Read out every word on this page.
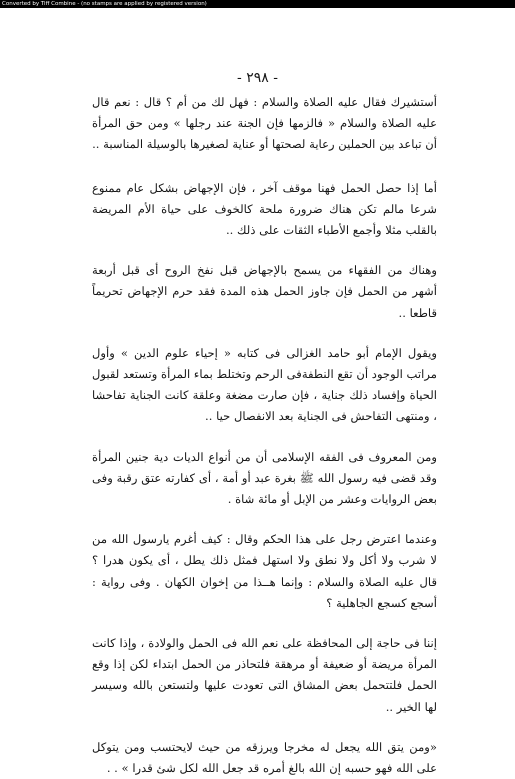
Converted by Tiff Combine - (no stamps are applied by registered version)
- ٢٩٨ -

أستشيرك فقال عليه الصلاة والسلام : فهل لك من أم ؟ قال : نعم قال عليه الصلاة والسلام « فالزمها فإن الجنة عند رجلها » ومن حق المرأة أن تباعد بين الحملين رعاية لصحتها أو عناية لصغيرها بالوسيلة المناسبة ..

أما إذا حصل الحمل فهنا موقف آخر ، فإن الإجهاض بشكل عام ممنوع شرعا مالم تكن هناك ضرورة ملحة كالخوف على حياة الأم المريضة بالقلب مثلا وأجمع الأطباء الثقات على ذلك ..

وهناك من الفقهاء من يسمح بالإجهاض قبل نفخ الروح أى قبل أربعة أشهر من الحمل فإن جاوز الحمل هذه المدة فقد حرم الإجهاض تحريماً قاطعا ..

ويقول الإمام أبو حامد الغزالى فى كتابه « إحياء علوم الدين » وأول مراتب الوجود أن تقع النطفةفى الرحم وتختلط بماء المرأة وتستعد لقبول الحياة وإفساد ذلك جناية ، فإن صارت مضغة وعلقة كانت الجناية تفاحشا ، ومنتهى التفاحش فى الجناية بعد الانفصال حيا ..

ومن المعروف فى الفقه الإسلامى أن من أنواع الديات دية جنين المرأة وقد قضى فيه رسول الله ﷺ بغرة عبد أو أمة ، أى كفارته عتق رقبة وفى بعض الروايات وعشر من الإبل أو مائة شاة .

وعندما اعترض رجل على هذا الحكم وقال : كيف أغرم يارسول الله من لا شرب ولا أكل ولا نطق ولا استهل فمثل ذلك يطل ، أى يكون هدرا ؟ قال عليه الصلاة والسلام : وإنما هــذا من إخوان الكهان . وفى رواية : أسجع كسجع الجاهلية ؟

إننا فى حاجة إلى المحافظة على نعم الله فى الحمل والولادة ، وإذا كانت المرأة مريضة أو ضعيفة أو مرهقة فلتحاذر من الحمل ابتداء لكن إذا وقع الحمل فلتتحمل بعض المشاق التى تعودت عليها ولتستعن بالله وسيسر لها الخير ..

«ومن يتق الله يجعل له مخرجا ويرزقه من حيث لايحتسب ومن يتوكل على الله فهو حسبه إن الله بالغ أمره قد جعل الله لكل شئ قدرا » . .
